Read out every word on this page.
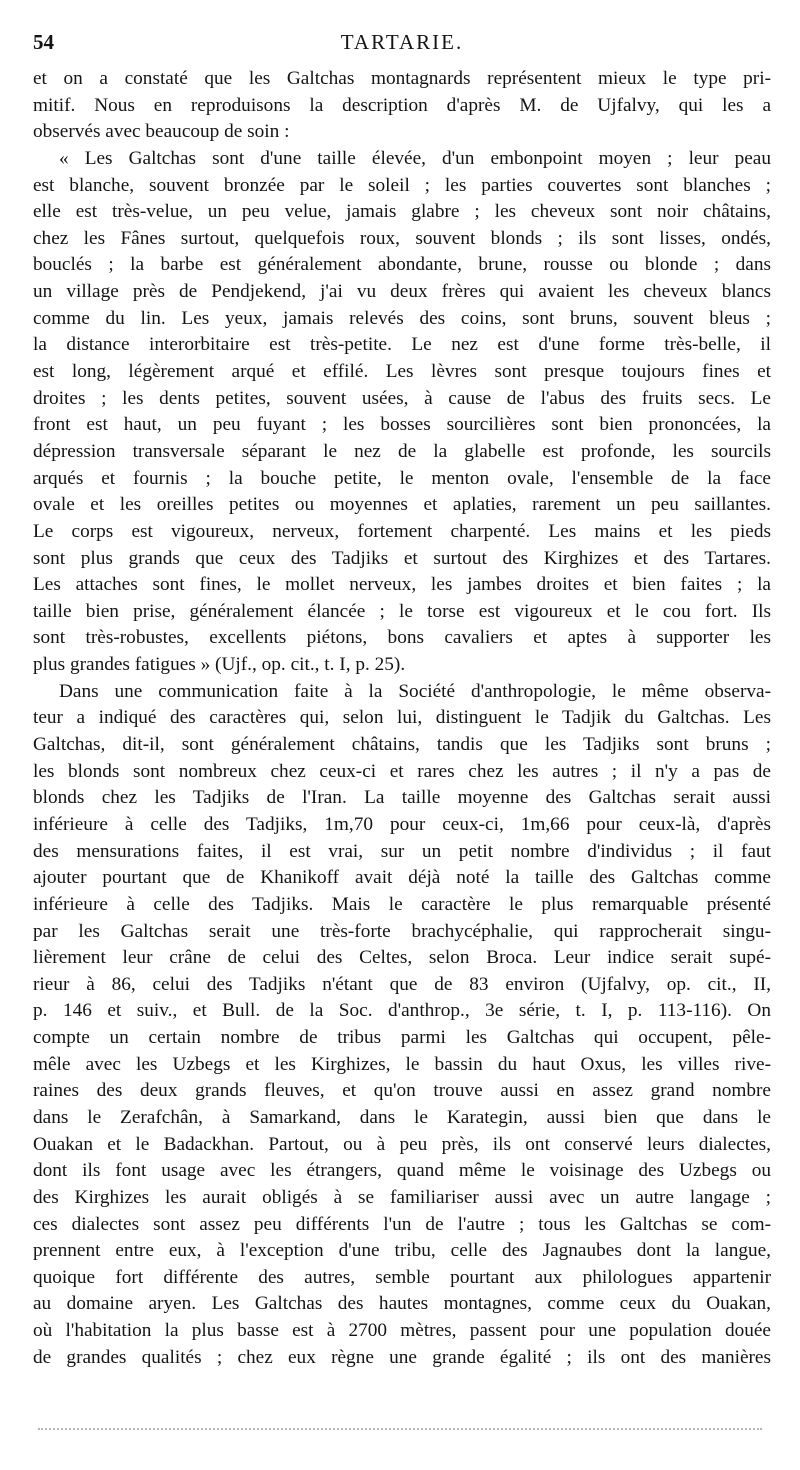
54	TARTARIE.
et on a constaté que les Galtchas montagnards représentent mieux le type pri-
mitif. Nous en reproduisons la description d'après M. de Ujfalvy, qui les a
observés avec beaucoup de soin :
« Les Galtchas sont d'une taille élevée, d'un embonpoint moyen ; leur peau
est blanche, souvent bronzée par le soleil ; les parties couvertes sont blanches ;
elle est très-velue, un peu velue, jamais glabre ; les cheveux sont noir châtains,
chez les Fânes surtout, quelquefois roux, souvent blonds ; ils sont lisses, ondés,
bouclés ; la barbe est généralement abondante, brune, rousse ou blonde ; dans
un village près de Pendjekend, j'ai vu deux frères qui avaient les cheveux blancs
comme du lin. Les yeux, jamais relevés des coins, sont bruns, souvent bleus ;
la distance interorbitaire est très-petite. Le nez est d'une forme très-belle, il
est long, légèrement arqué et effilé. Les lèvres sont presque toujours fines et
droites ; les dents petites, souvent usées, à cause de l'abus des fruits secs. Le
front est haut, un peu fuyant ; les bosses sourcilières sont bien prononcées, la
dépression transversale séparant le nez de la glabelle est profonde, les sourcils
arqués et fournis ; la bouche petite, le menton ovale, l'ensemble de la face
ovale et les oreilles petites ou moyennes et aplaties, rarement un peu saillantes.
Le corps est vigoureux, nerveux, fortement charpenté. Les mains et les pieds
sont plus grands que ceux des Tadjiks et surtout des Kirghizes et des Tartares.
Les attaches sont fines, le mollet nerveux, les jambes droites et bien faites ; la
taille bien prise, généralement élancée ; le torse est vigoureux et le cou fort. Ils
sont très-robustes, excellents piétons, bons cavaliers et aptes à supporter les
plus grandes fatigues » (Ujf., op. cit., t. I, p. 25).
Dans une communication faite à la Société d'anthropologie, le même observa-
teur a indiqué des caractères qui, selon lui, distinguent le Tadjik du Galtchas. Les
Galtchas, dit-il, sont généralement châtains, tandis que les Tadjiks sont bruns ;
les blonds sont nombreux chez ceux-ci et rares chez les autres ; il n'y a pas de
blonds chez les Tadjiks de l'Iran. La taille moyenne des Galtchas serait aussi
inférieure à celle des Tadjiks, 1m,70 pour ceux-ci, 1m,66 pour ceux-là, d'après
des mensurations faites, il est vrai, sur un petit nombre d'individus ; il faut
ajouter pourtant que de Khanikoff avait déjà noté la taille des Galtchas comme
inférieure à celle des Tadjiks. Mais le caractère le plus remarquable présenté
par les Galtchas serait une très-forte brachycéphalie, qui rapprocherait singu-
lièrement leur crâne de celui des Celtes, selon Broca. Leur indice serait supé-
rieur à 86, celui des Tadjiks n'étant que de 83 environ (Ujfalvy, op. cit., II,
p. 146 et suiv., et Bull. de la Soc. d'anthrop., 3e série, t. I, p. 113-116). On
compte un certain nombre de tribus parmi les Galtchas qui occupent, pêle-
mêle avec les Uzbegs et les Kirghizes, le bassin du haut Oxus, les villes rive-
raines des deux grands fleuves, et qu'on trouve aussi en assez grand nombre
dans le Zerafchân, à Samarkand, dans le Karategin, aussi bien que dans le
Ouakan et le Badackhan. Partout, ou à peu près, ils ont conservé leurs dialectes,
dont ils font usage avec les étrangers, quand même le voisinage des Uzbegs ou
des Kirghizes les aurait obligés à se familiariser aussi avec un autre langage ;
ces dialectes sont assez peu différents l'un de l'autre ; tous les Galtchas se com-
prennent entre eux, à l'exception d'une tribu, celle des Jagnaubes dont la langue,
quoique fort différente des autres, semble pourtant aux philologues appartenir
au domaine aryen. Les Galtchas des hautes montagnes, comme ceux du Ouakan,
où l'habitation la plus basse est à 2700 mètres, passent pour une population douée
de grandes qualités ; chez eux règne une grande égalité ; ils ont des manières
